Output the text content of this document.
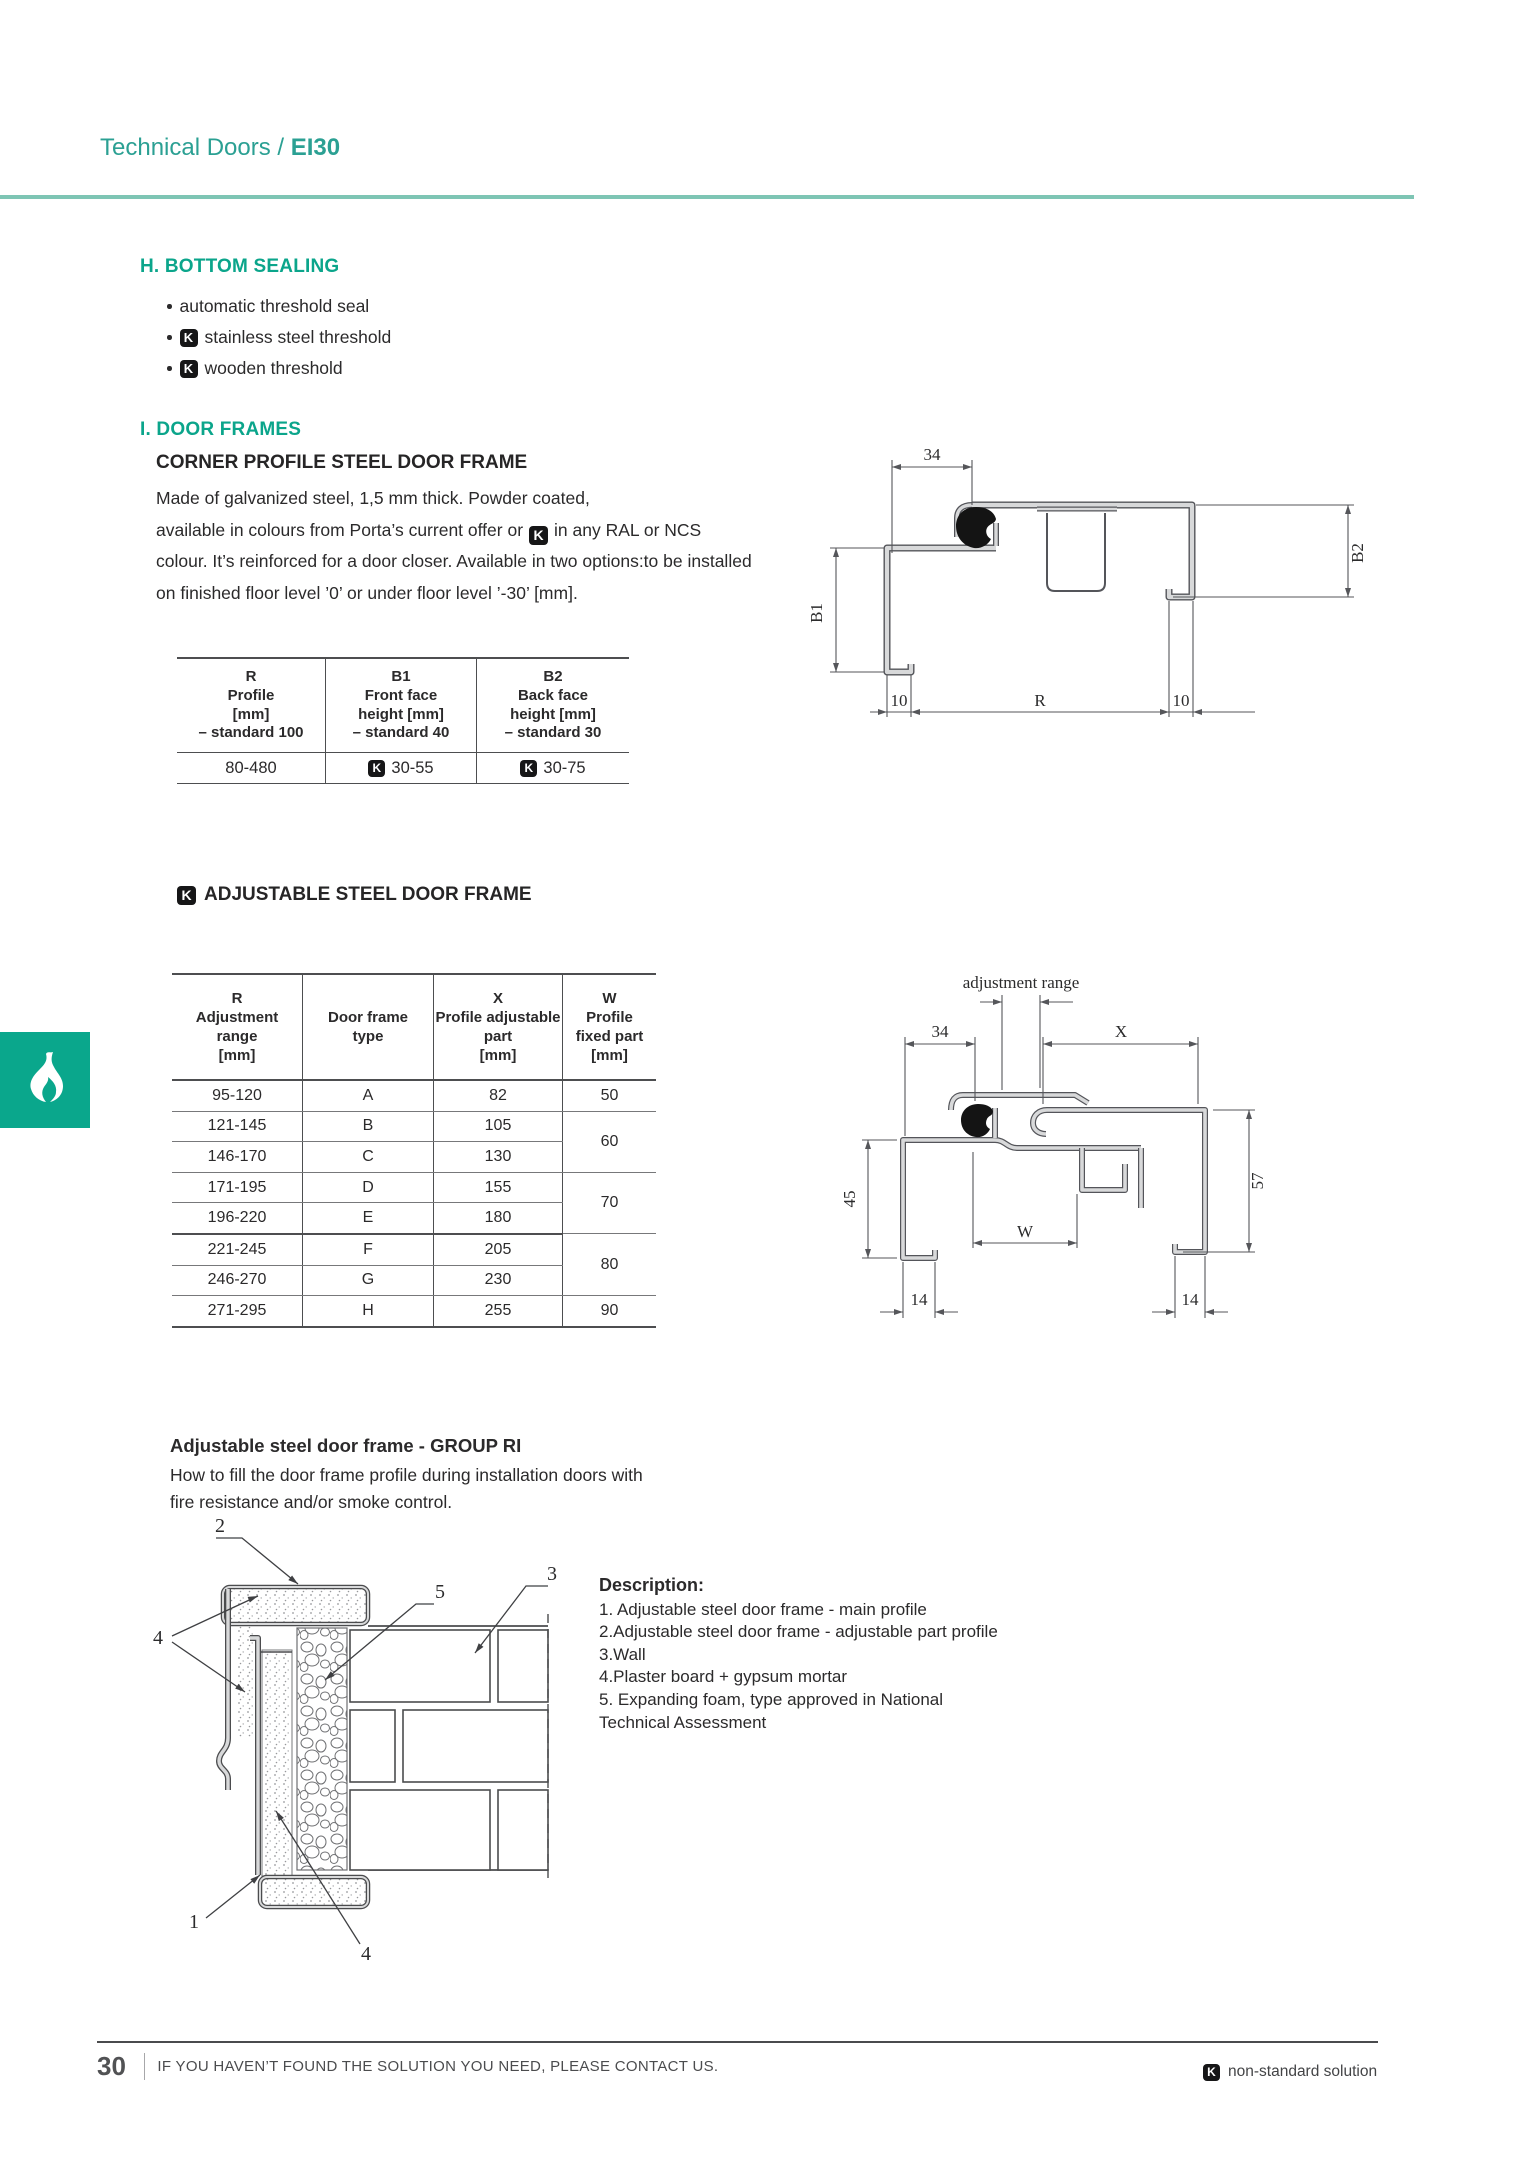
Technical Doors / EI30
H. BOTTOM SEALING
automatic threshold seal
K stainless steel threshold
K wooden threshold
I. DOOR FRAMES
CORNER PROFILE STEEL DOOR FRAME
Made of galvanized steel, 1,5 mm thick. Powder coated,
available in colours from Porta’s current offer or K in any RAL or NCS
colour. It’s reinforced for a door closer. Available in two options:to be installed
on finished floor level ’0’ or under floor level ’-30’ [mm].
R
Profile
[mm]
– standard 100

B1
Front face
height [mm]
– standard 40

B2
Back face
height [mm]
– standard 30

80-480	K 30-55	K 30-75
34
B1
B2
10	R	10
K ADJUSTABLE STEEL DOOR FRAME
R
Adjustment
range
[mm]

Door frame
type

X
Profile adjustable
part
[mm]

W
Profile
fixed part
[mm]

95-120	A	82	50
121-145	B	105	60
146-170	C	130	
171-195	D	155	70
196-220	E	180	
221-245	F	205	80
246-270	G	230	
271-295	H	255	90
adjustment range
34	X
45
W
57
14	14
Adjustable steel door frame - GROUP RI
How to fill the door frame profile during installation doors with
fire resistance and/or smoke control.
2
3
5
4
1
4
Description:
1. Adjustable steel door frame - main profile
2.Adjustable steel door frame - adjustable part profile
3.Wall
4.Plaster board + gypsum mortar
5. Expanding foam, type approved in National
Technical Assessment
30 IF YOU HAVEN’T FOUND THE SOLUTION YOU NEED, PLEASE CONTACT US.	K non-standard solution
